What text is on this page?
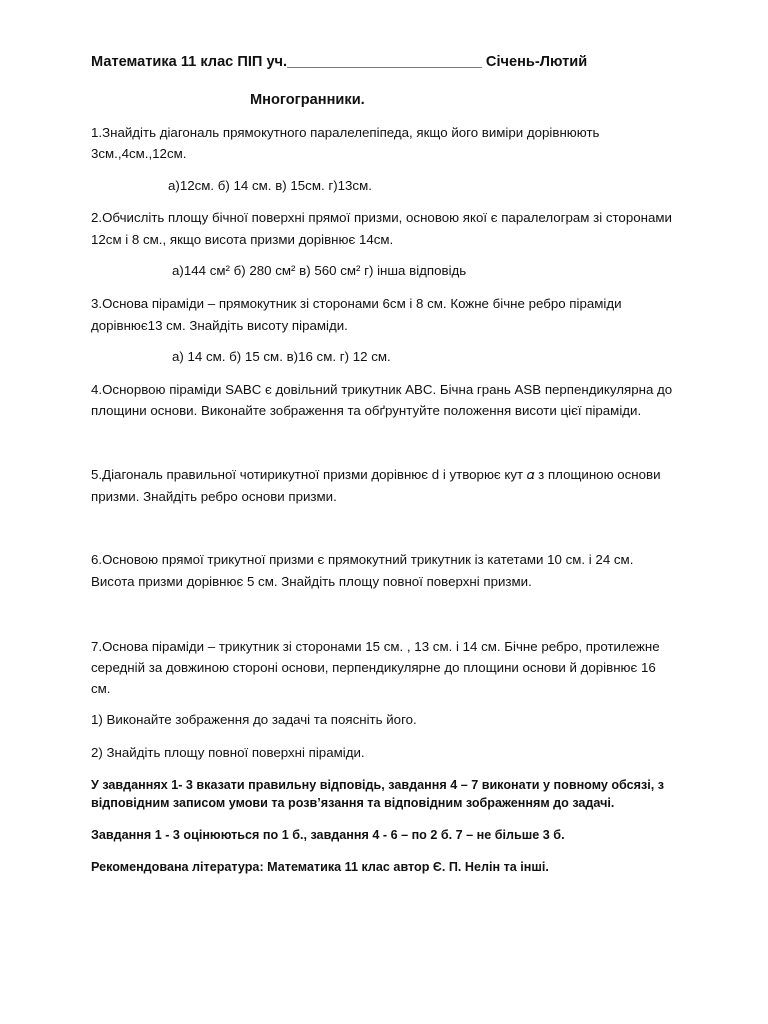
Математика 11 клас ПІП уч.________________________ Січень-Лютий
Многогранники.
1.Знайдіть діагональ прямокутного паралелепіпеда, якщо його виміри дорівнюють
3см.,4см.,12см.
а)12см. б) 14 см. в) 15см. г)13см.
2.Обчисліть площу бічної поверхні прямої призми, основою якої є паралелограм зі сторонами
12см і 8 см., якщо висота призми дорівнює 14см.
а)144 см² б) 280 см² в) 560 см² г) інша відповідь
3.Основа піраміди – прямокутник зі сторонами 6см і 8 см. Кожне бічне ребро піраміди
дорівнює13 см. Знайдіть висоту піраміди.
а) 14 см. б) 15 см. в)16 см. г) 12 см.
4.Оснорвою піраміди SABC є довільний трикутник ABC. Бічна грань ASB перпендикулярна до
площини основи. Виконайте зображення та обґрунтуйте положення висоти цієї піраміди.
5.Діагональ правильної чотирикутної призми дорівнює d і утворює кут 𝛼 з площиною основи
призми. Знайдіть ребро основи призми.
6.Основою прямої трикутної призми є прямокутний трикутник із катетами 10 см. і 24 см.
Висота призми дорівнює 5 см. Знайдіть площу повної поверхні призми.
7.Основа піраміди – трикутник зі сторонами 15 см. , 13 см. і 14 см. Бічне ребро, протилежне
середній за довжиною стороні основи, перпендикулярне до площини основи й дорівнює 16
см.
1) Виконайте зображення до задачі та поясніть його.
2) Знайдіть площу повної поверхні піраміди.
У завданнях 1- 3 вказати правильну відповідь, завдання 4 – 7 виконати у повному обсязі, з
відповідним записом умови та розв’язання та відповідним зображенням до задачі.
Завдання 1 - 3 оцінюються по 1 б., завдання 4 - 6 – по 2 б. 7 – не більше 3 б.
Рекомендована література: Математика 11 клас автор Є. П. Нелін та інші.
